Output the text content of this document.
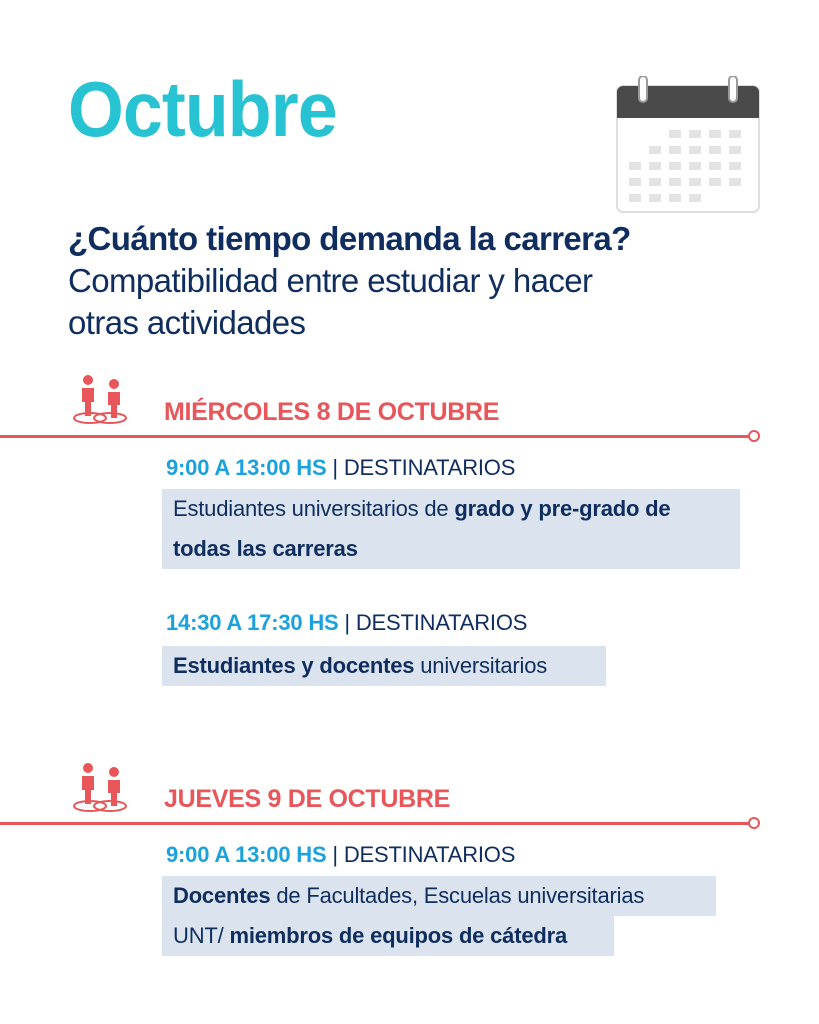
Octubre
¿Cuánto tiempo demanda la carrera? Compatibilidad entre estudiar y hacer otras actividades
MIÉRCOLES 8 DE OCTUBRE
9:00 A 13:00 HS | DESTINATARIOS
Estudiantes universitarios de grado y pre-grado de
todas las carreras
14:30 A 17:30 HS | DESTINATARIOS
Estudiantes y docentes universitarios
JUEVES 9 DE OCTUBRE
9:00 A 13:00 HS | DESTINATARIOS
Docentes de Facultades, Escuelas universitarias
UNT/ miembros de equipos de cátedra
